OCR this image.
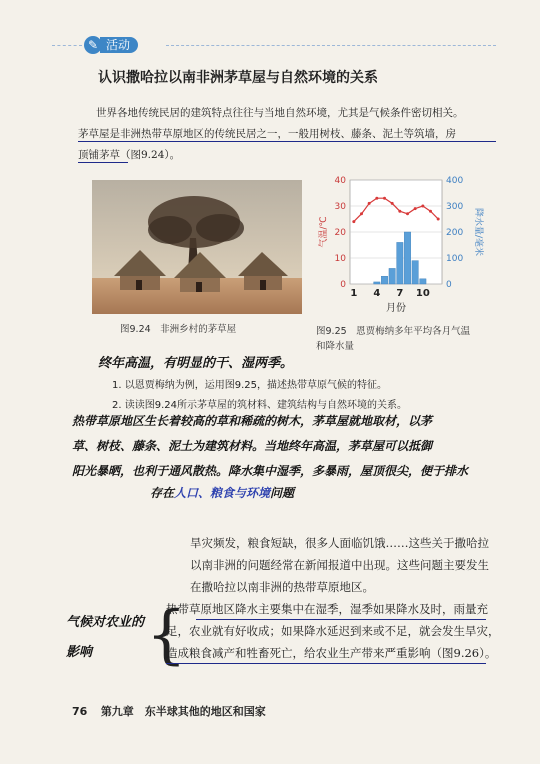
✎ 活动
认识撒哈拉以南非洲茅草屋与自然环境的关系

世界各地传统民居的建筑特点往往与当地自然环境，尤其是气候条件密切相关。

茅草屋是非洲热带草原地区的传统民居之一，一般用树枝、藤条、泥土等筑墙，房

顶铺茅草（图9.24）。

图9.24　非洲乡村的茅草屋
0
10
20
30
40
0
100
200
300
400
1 4 7 10
月份
气温/℃	降水量/毫米
图9.25　恩贾梅纳多年平均各月气温和降水量
终年高温，有明显的干、湿两季。
1. 以恩贾梅纳为例，运用图9.25，描述热带草原气候的特征。
2. 读读图9.24所示茅草屋的筑材料、建筑结构与自然环境的关系。
热带草原地区生长着较高的草和稀疏的树木，茅草屋就地取材，以茅
草、树枝、藤条、泥土为建筑材料。当地终年高温，茅草屋可以抵御
阳光暴晒，也利于通风散热。降水集中湿季，多暴雨，屋顶很尖，便于排水
存在人口、粮食与环境问题

旱灾频发，粮食短缺，很多人面临饥饿……这些关于撒哈拉以南非洲的问题经常在新闻报道中出现。这些问题主要发生在撒哈拉以南非洲的热带草原地区。

气候对农业的影响 {

热带草原地区降水主要集中在湿季，湿季如果降水及时，雨量充足，农业就有好收成；如果降水延迟到来或不足，就会发生旱灾，造成粮食减产和牲畜死亡，给农业生产带来严重影响（图9.26）。

76 第九章　东半球其他的地区和国家
